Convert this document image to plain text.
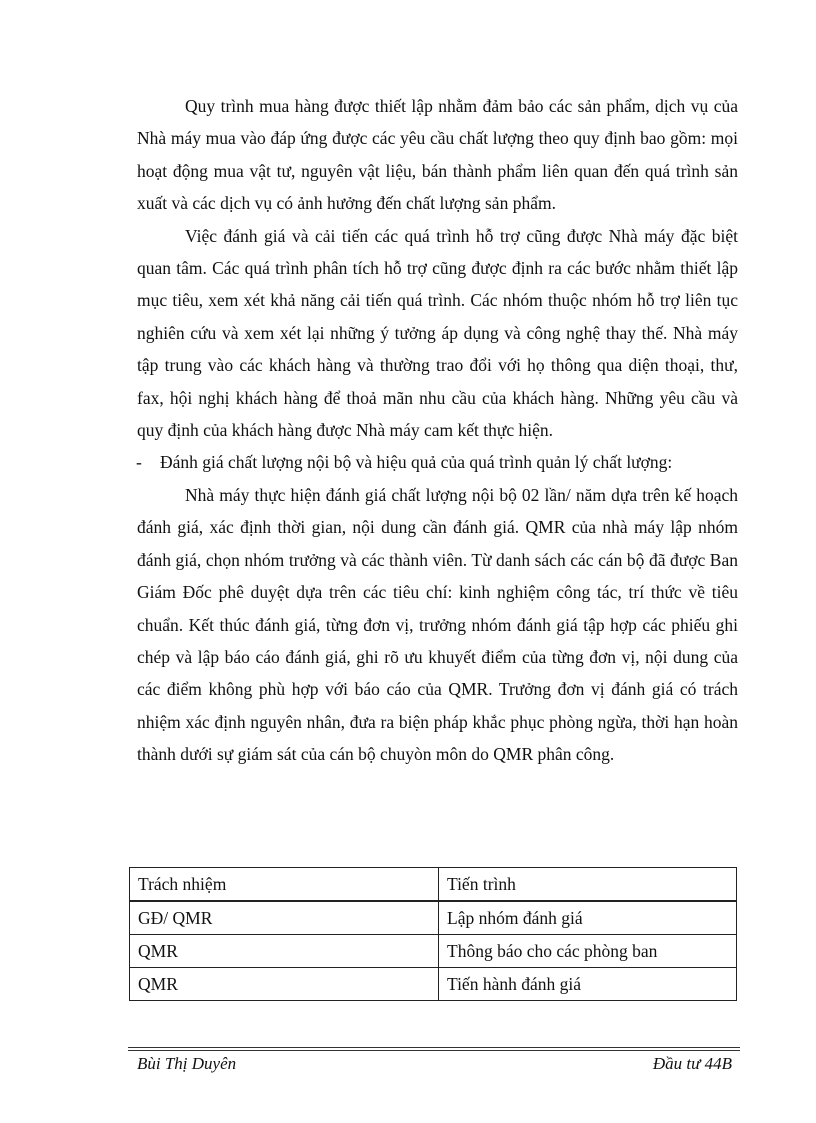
Quy trình mua hàng được thiết lập nhằm đảm bảo các sản phẩm, dịch vụ của Nhà máy mua vào đáp ứng được các yêu cầu chất lượng theo quy định bao gồm: mọi hoạt động mua vật tư, nguyên vật liệu, bán thành phẩm liên quan đến quá trình sản xuất và các dịch vụ có ảnh hưởng đến chất lượng sản phẩm.

Việc đánh giá và cải tiến các quá trình hỗ trợ cũng được Nhà máy đặc biệt quan tâm. Các quá trình phân tích hỗ trợ cũng được định ra các bước nhằm thiết lập mục tiêu, xem xét khả năng cải tiến quá trình. Các nhóm thuộc nhóm hỗ trợ liên tục nghiên cứu và xem xét lại những ý tưởng áp dụng và công nghệ thay thế. Nhà máy tập trung vào các khách hàng và thường trao đổi với họ thông qua diện thoại, thư, fax, hội nghị khách hàng để thoả mãn nhu cầu của khách hàng. Những yêu cầu và quy định của khách hàng được Nhà máy cam kết thực hiện.

-	Đánh giá chất lượng nội bộ và hiệu quả của quá trình quản lý chất lượng:

Nhà máy thực hiện đánh giá chất lượng nội bộ 02 lần/ năm dựa trên kế hoạch đánh giá, xác định thời gian, nội dung cần đánh giá. QMR của nhà máy lập nhóm đánh giá, chọn nhóm trưởng và các thành viên. Từ danh sách các cán bộ đã được Ban Giám Đốc phê duyệt dựa trên các tiêu chí: kinh nghiệm công tác, trí thức về tiêu chuẩn. Kết thúc đánh giá, từng đơn vị, trưởng nhóm đánh giá tập hợp các phiếu ghi chép và lập báo cáo đánh giá, ghi rõ ưu khuyết điểm của từng đơn vị, nội dung của các điểm không phù hợp với báo cáo của QMR. Trưởng đơn vị đánh giá có trách nhiệm xác định nguyên nhân, đưa ra biện pháp khắc phục phòng ngừa, thời hạn hoàn thành dưới sự giám sát của cán bộ chuyòn môn do QMR phân công.

Trách nhiệm	Tiến trình
GĐ/ QMR	Lập nhóm đánh giá
QMR	Thông báo cho các phòng ban
QMR	Tiến hành đánh giá
Bùi Thị Duyên	Đầu tư 44B
